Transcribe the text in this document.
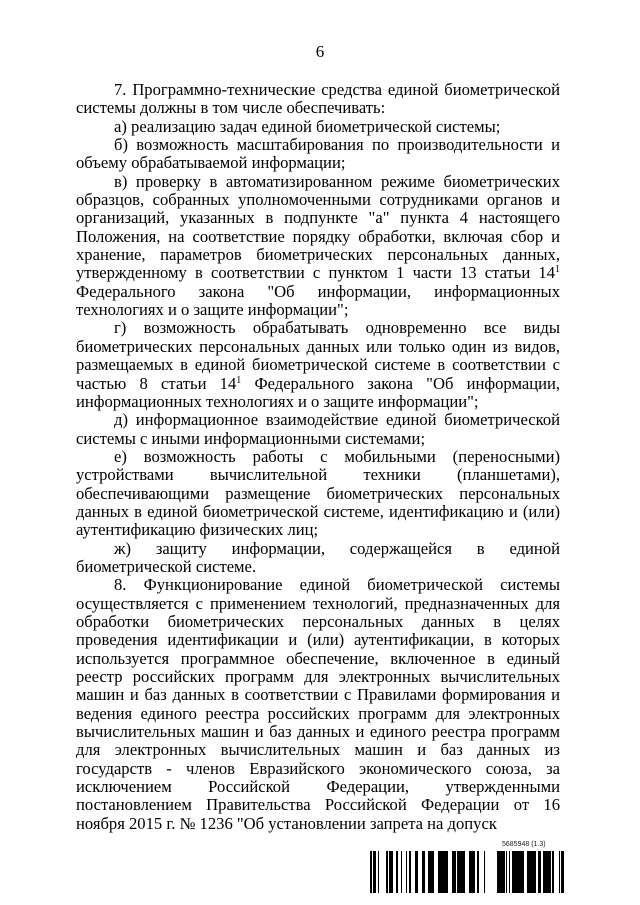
6

7. Программно-технические средства единой биометрической системы должны в том числе обеспечивать:

а) реализацию задач единой биометрической системы;

б) возможность масштабирования по производительности и объему обрабатываемой информации;

в) проверку в автоматизированном режиме биометрических образцов, собранных уполномоченными сотрудниками органов и организаций, указанных в подпункте "а" пункта 4 настоящего Положения, на соответствие порядку обработки, включая сбор и хранение, параметров биометрических персональных данных, утвержденному в соответствии с пунктом 1 части 13 статьи $14^1$ Федерального закона "Об информации, информационных технологиях и о защите информации";

г) возможность обрабатывать одновременно все виды биометрических персональных данных или только один из видов, размещаемых в единой биометрической системе в соответствии с частью 8 статьи $14^1$ Федерального закона "Об информации, информационных технологиях и о защите информации";

д) информационное взаимодействие единой биометрической системы с иными информационными системами;

е) возможность работы с мобильными (переносными) устройствами вычислительной техники (планшетами), обеспечивающими размещение биометрических персональных данных в единой биометрической системе, идентификацию и (или) аутентификацию физических лиц;

ж) защиту информации, содержащейся в единой биометрической системе.

8. Функционирование единой биометрической системы осуществляется с применением технологий, предназначенных для обработки биометрических персональных данных в целях проведения идентификации и (или) аутентификации, в которых используется программное обеспечение, включенное в единый реестр российских программ для электронных вычислительных машин и баз данных в соответствии с Правилами формирования и ведения единого реестра российских программ для электронных вычислительных машин и баз данных и единого реестра программ для электронных вычислительных машин и баз данных из государств - членов Евразийского экономического союза, за исключением Российской Федерации, утвержденными постановлением Правительства Российской Федерации от 16 ноября 2015 г. № 1236 "Об установлении запрета на допуск

5685948 (1.3)
